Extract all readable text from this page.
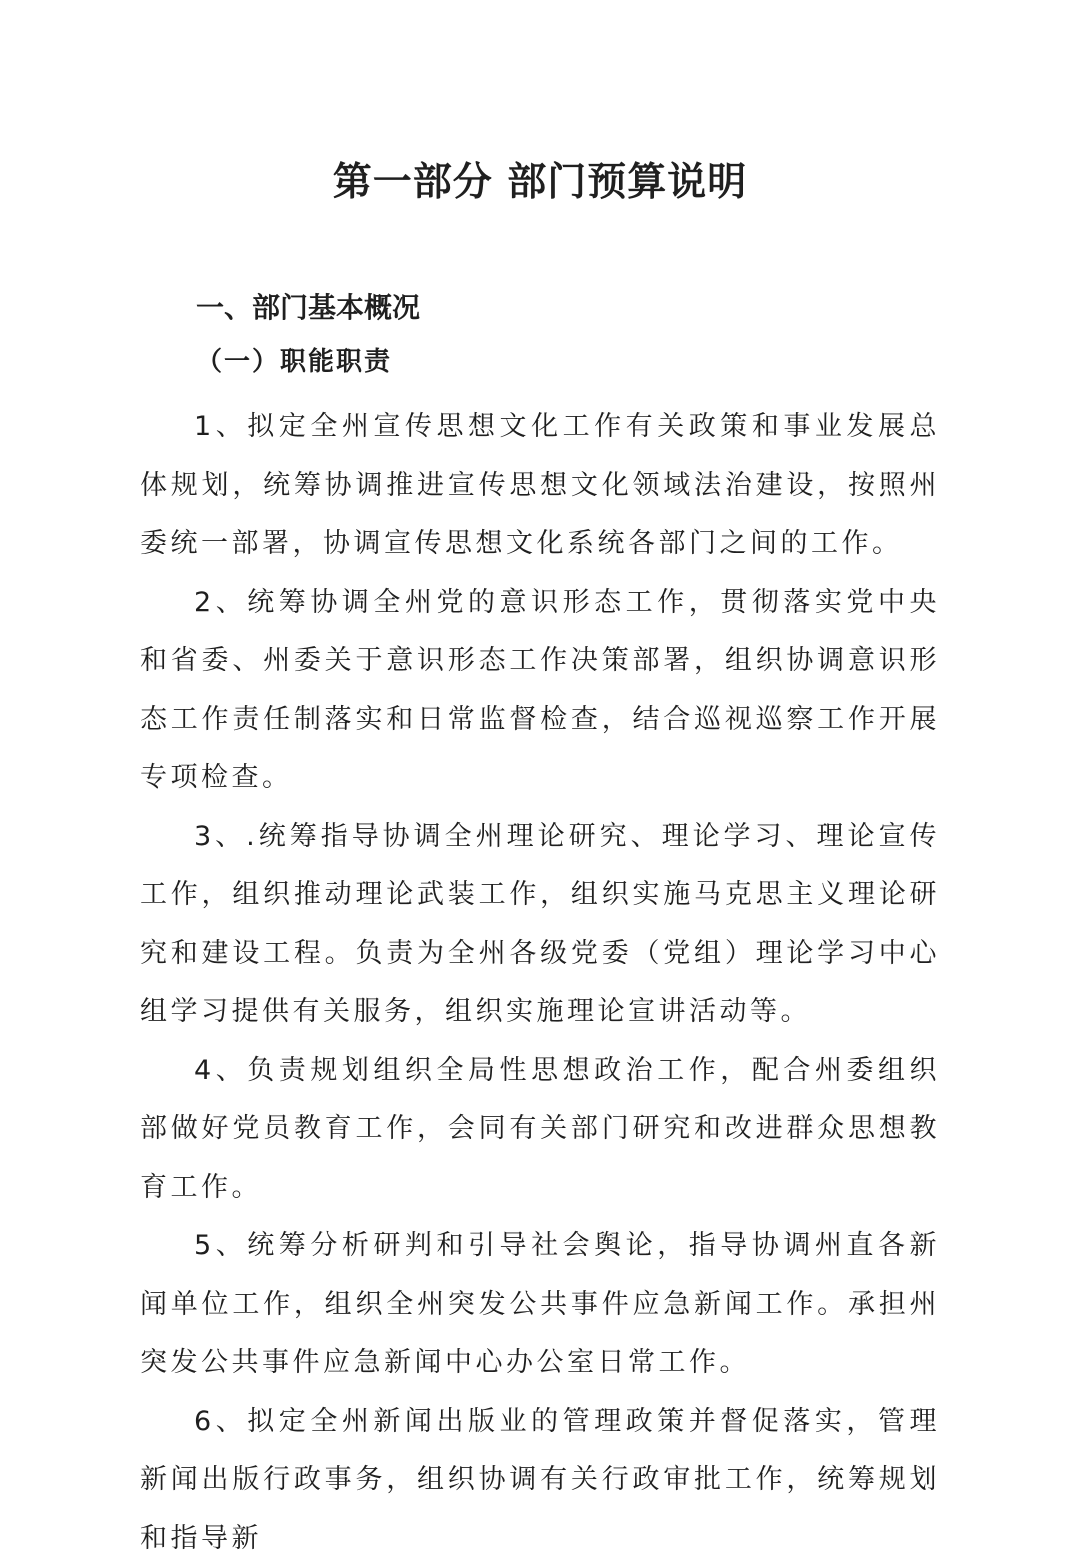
第一部分 部门预算说明
一、部门基本概况
（一）职能职责

1、拟定全州宣传思想文化工作有关政策和事业发展总体规划，统筹协调推进宣传思想文化领域法治建设，按照州委统一部署，协调宣传思想文化系统各部门之间的工作。

2、统筹协调全州党的意识形态工作，贯彻落实党中央和省委、州委关于意识形态工作决策部署，组织协调意识形态工作责任制落实和日常监督检查，结合巡视巡察工作开展专项检查。

3、.统筹指导协调全州理论研究、理论学习、理论宣传工作，组织推动理论武装工作，组织实施马克思主义理论研究和建设工程。负责为全州各级党委（党组）理论学习中心组学习提供有关服务，组织实施理论宣讲活动等。

4、负责规划组织全局性思想政治工作，配合州委组织部做好党员教育工作，会同有关部门研究和改进群众思想教育工作。

5、统筹分析研判和引导社会舆论，指导协调州直各新闻单位工作，组织全州突发公共事件应急新闻工作。承担州突发公共事件应急新闻中心办公室日常工作。

6、拟定全州新闻出版业的管理政策并督促落实，管理新闻出版行政事务，组织协调有关行政审批工作，统筹规划和指导新
